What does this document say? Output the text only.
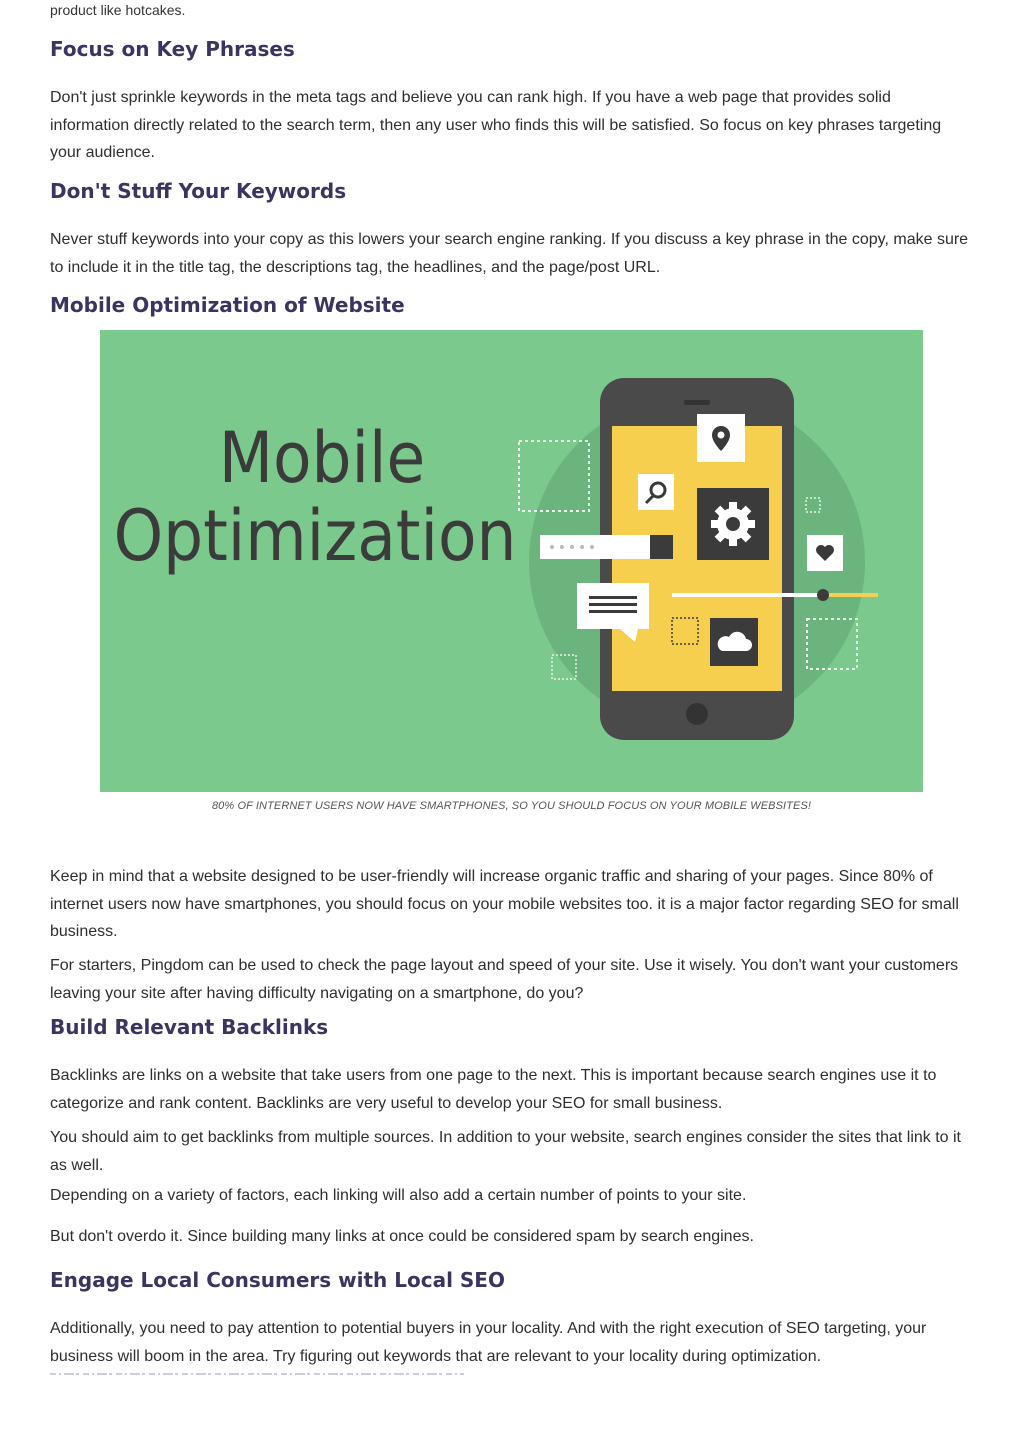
product like hotcakes.
Focus on Key Phrases

Don't just sprinkle keywords in the meta tags and believe you can rank high. If you have a web page that provides solid information directly related to the search term, then any user who finds this will be satisfied. So focus on key phrases targeting your audience.

Don't Stuff Your Keywords

Never stuff keywords into your copy as this lowers your search engine ranking. If you discuss a key phrase in the copy, make sure to include it in the title tag, the descriptions tag, the headlines, and the page/post URL.

Mobile Optimization of Website
Mobile
Optimization
80% OF INTERNET USERS NOW HAVE SMARTPHONES, SO YOU SHOULD FOCUS ON YOUR MOBILE WEBSITES!

Keep in mind that a website designed to be user-friendly will increase organic traffic and sharing of your pages. Since 80% of internet users now have smartphones, you should focus on your mobile websites too. it is a major factor regarding SEO for small business.

For starters, Pingdom can be used to check the page layout and speed of your site. Use it wisely. You don't want your customers leaving your site after having difficulty navigating on a smartphone, do you?

Build Relevant Backlinks

Backlinks are links on a website that take users from one page to the next. This is important because search engines use it to categorize and rank content. Backlinks are very useful to develop your SEO for small business.

You should aim to get backlinks from multiple sources. In addition to your website, search engines consider the sites that link to it as well.

Depending on a variety of factors, each linking will also add a certain number of points to your site.

But don't overdo it. Since building many links at once could be considered spam by search engines.

Engage Local Consumers with Local SEO

Additionally, you need to pay attention to potential buyers in your locality. And with the right execution of SEO targeting, your business will boom in the area. Try figuring out keywords that are relevant to your locality during optimization.
